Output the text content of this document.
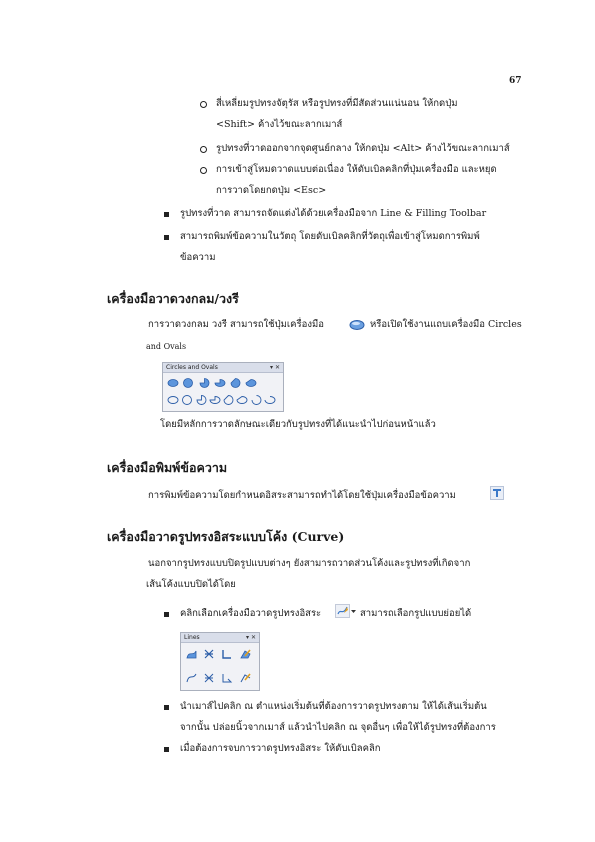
67
สี่เหลี่ยมรูปทรงจัตุรัส หรือรูปทรงที่มีสัดส่วนแน่นอน ให้กดปุ่ม
<Shift> ค้างไว้ขณะลากเมาส์
รูปทรงที่วาดออกจากจุดศูนย์กลาง ให้กดปุ่ม <Alt> ค้างไว้ขณะลากเมาส์
การเข้าสู่โหมดวาดแบบต่อเนื่อง ให้ดับเบิลคลิกที่ปุ่มเครื่องมือ และหยุด
การวาดโดยกดปุ่ม <Esc>
รูปทรงที่วาด สามารถจัดแต่งได้ด้วยเครื่องมือจาก Line & Filling Toolbar
สามารถพิมพ์ข้อความในวัตถุ โดยดับเบิลคลิกที่วัตถุเพื่อเข้าสู่โหมดการพิมพ์
ข้อความ
เครื่องมือวาดวงกลม/วงรี
การวาดวงกลม วงรี สามารถใช้ปุ่มเครื่องมือ	หรือเปิดใช้งานแถบเครื่องมือ Circles
and Ovals
Circles and Ovals	▾ ✕
โดยมีหลักการวาดลักษณะเดียวกับรูปทรงที่ได้แนะนำไปก่อนหน้าแล้ว
เครื่องมือพิมพ์ข้อความ
การพิมพ์ข้อความโดยกำหนดอิสระสามารถทำได้โดยใช้ปุ่มเครื่องมือข้อความ
เครื่องมือวาดรูปทรงอิสระแบบโค้ง (Curve)
นอกจากรูปทรงแบบปิดรูปแบบต่างๆ ยังสามารถวาดส่วนโค้งและรูปทรงที่เกิดจาก
เส้นโค้งแบบปิดได้โดย
คลิกเลือกเครื่องมือวาดรูปทรงอิสระ	สามารถเลือกรูปแบบย่อยได้
Lines	▾ ✕
นำเมาส์ไปคลิก ณ ตำแหน่งเริ่มต้นที่ต้องการวาดรูปทรงตาม ให้ได้เส้นเริ่มต้น
จากนั้น ปล่อยนิ้วจากเมาส์ แล้วนำไปคลิก ณ จุดอื่นๆ เพื่อให้ได้รูปทรงที่ต้องการ
เมื่อต้องการจบการวาดรูปทรงอิสระ ให้ดับเบิลคลิก
